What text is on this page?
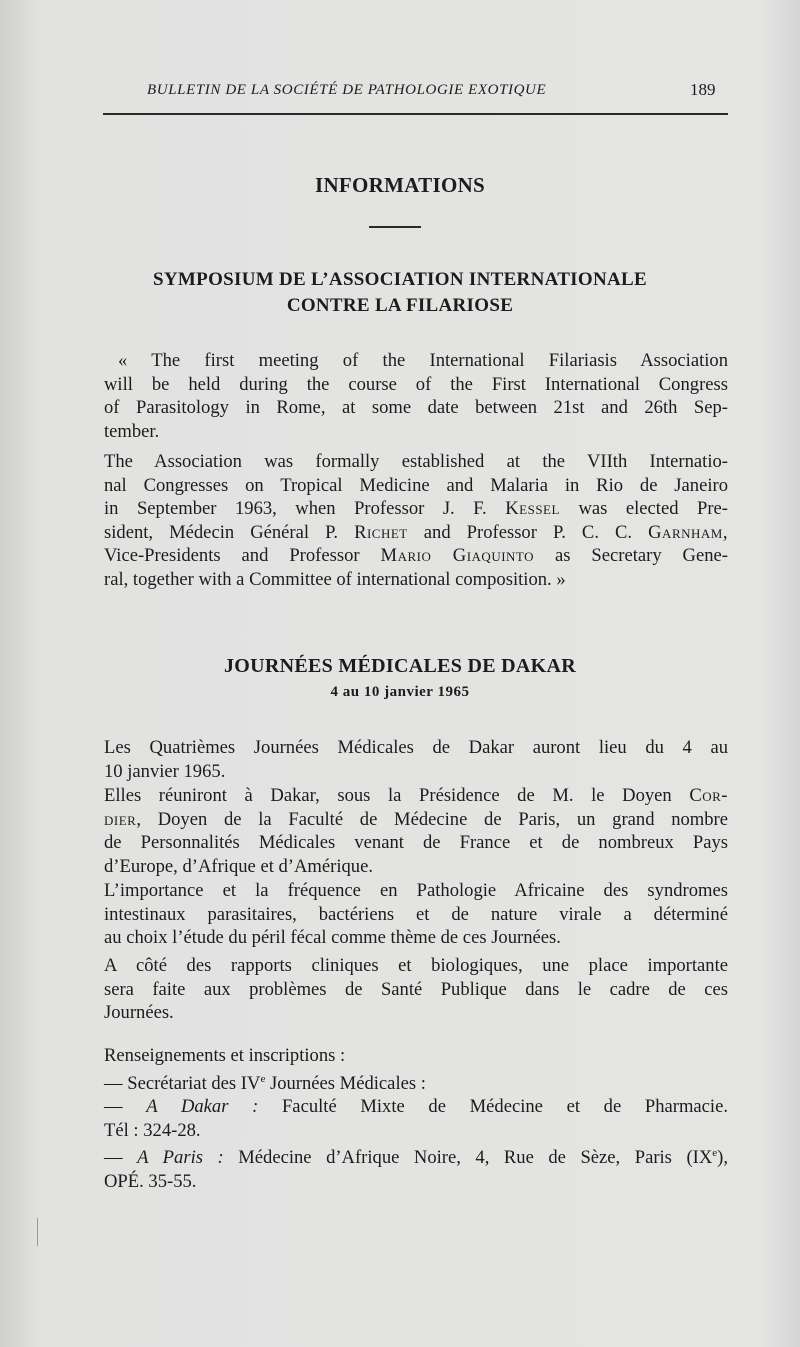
BULLETIN DE LA SOCIÉTÉ DE PATHOLOGIE EXOTIQUE	189
INFORMATIONS
SYMPOSIUM DE L’ASSOCIATION INTERNATIONALE
CONTRE LA FILARIOSE
« The first meeting of the International Filariasis Association
will be held during the course of the First International Congress
of Parasitology in Rome, at some date between 21st and 26th Sep-
tember.
The Association was formally established at the VIIth Internatio-
nal Congresses on Tropical Medicine and Malaria in Rio de Janeiro
in September 1963, when Professor J. F. Kessel was elected Pre-
sident, Médecin Général P. Richet and Professor P. C. C. Garnham,
Vice-Presidents and Professor Mario Giaquinto as Secretary Gene-
ral, together with a Committee of international composition. »
JOURNÉES MÉDICALES DE DAKAR
4 au 10 janvier 1965
Les Quatrièmes Journées Médicales de Dakar auront lieu du 4 au
10 janvier 1965.
Elles réuniront à Dakar, sous la Présidence de M. le Doyen Cor-
dier, Doyen de la Faculté de Médecine de Paris, un grand nombre
de Personnalités Médicales venant de France et de nombreux Pays
d’Europe, d’Afrique et d’Amérique.
L’importance et la fréquence en Pathologie Africaine des syndromes
intestinaux parasitaires, bactériens et de nature virale a déterminé
au choix l’étude du péril fécal comme thème de ces Journées.
A côté des rapports cliniques et biologiques, une place importante
sera faite aux problèmes de Santé Publique dans le cadre de ces
Journées.
Renseignements et inscriptions :
— Secrétariat des IVe Journées Médicales :
— A Dakar : Faculté Mixte de Médecine et de Pharmacie.
Tél : 324-28.
— A Paris : Médecine d’Afrique Noire, 4, Rue de Sèze, Paris (IXe),
OPÉ. 35-55.
